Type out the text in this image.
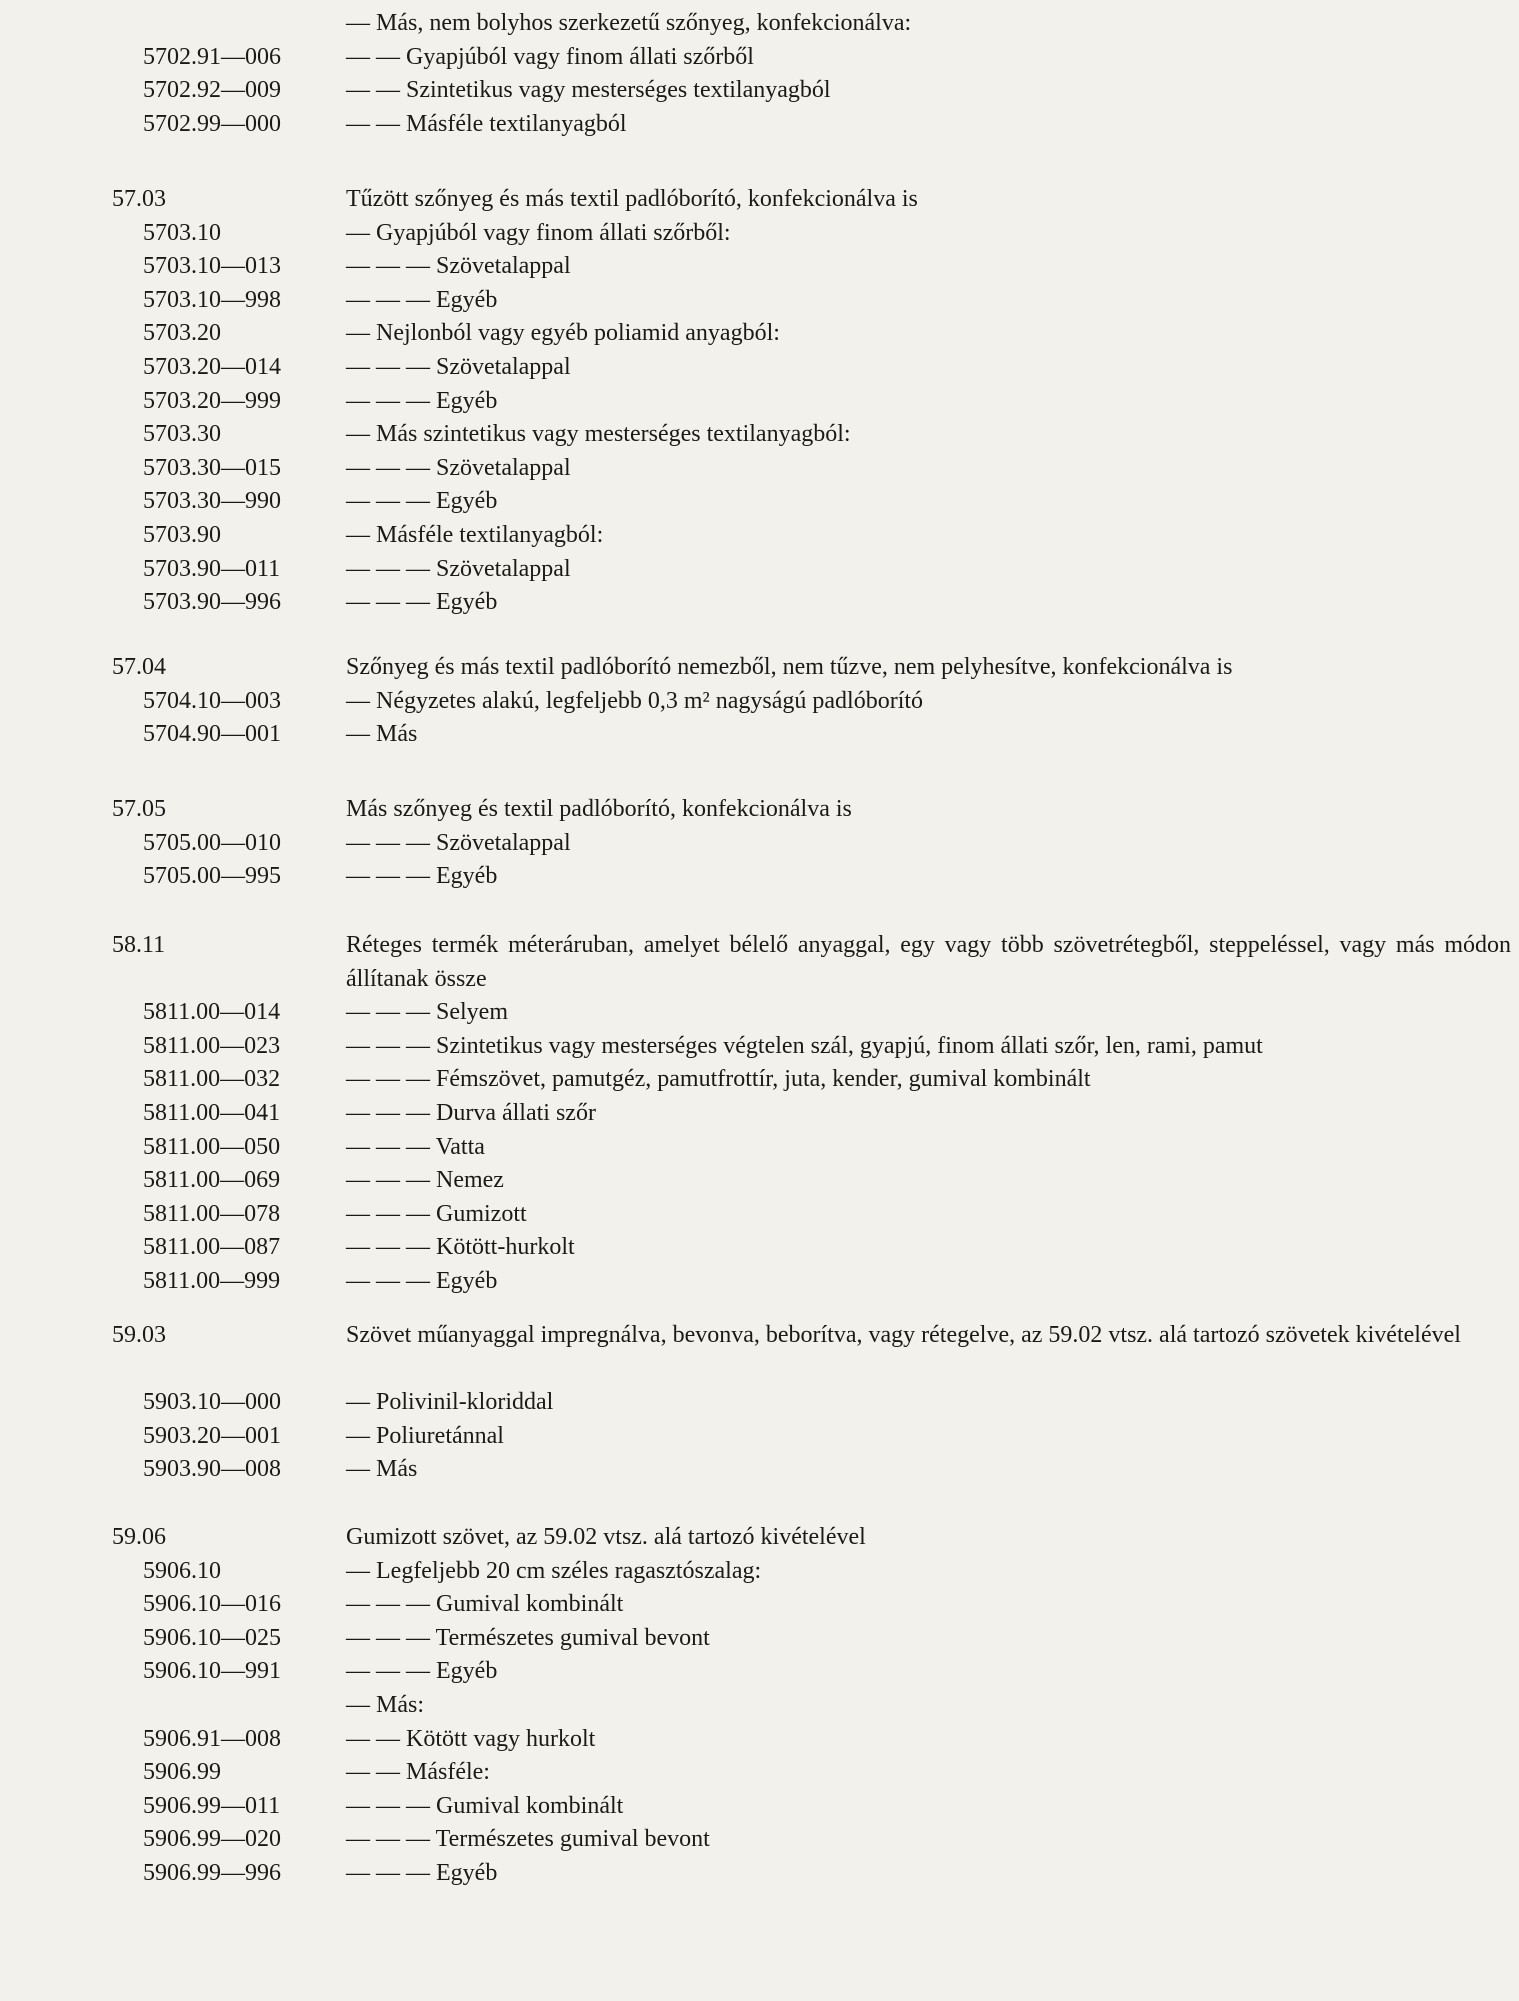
— Más, nem bolyhos szerkezetű szőnyeg, konfekcionálva:
5702.91—006	— — Gyapjúból vagy finom állati szőrből
5702.92—009	— — Szintetikus vagy mesterséges textilanyagból
5702.99—000	— — Másféle textilanyagból
57.03	Tűzött szőnyeg és más textil padlóborító, konfekcionálva is
5703.10	— Gyapjúból vagy finom állati szőrből:
5703.10—013	— — — Szövetalappal
5703.10—998	— — — Egyéb
5703.20	— Nejlonból vagy egyéb poliamid anyagból:
5703.20—014	— — — Szövetalappal
5703.20—999	— — — Egyéb
5703.30	— Más szintetikus vagy mesterséges textilanyagból:
5703.30—015	— — — Szövetalappal
5703.30—990	— — — Egyéb
5703.90	— Másféle textilanyagból:
5703.90—011	— — — Szövetalappal
5703.90—996	— — — Egyéb
57.04	Szőnyeg és más textil padlóborító nemezből, nem tűzve, nem pelyhesítve, konfekcionálva is
5704.10—003	— Négyzetes alakú, legfeljebb 0,3 m² nagyságú padlóborító
5704.90—001	— Más
57.05	Más szőnyeg és textil padlóborító, konfekcionálva is
5705.00—010	— — — Szövetalappal
5705.00—995	— — — Egyéb
58.11	Réteges termék méteráruban, amelyet bélelő anyaggal, egy vagy több szövetrétegből, steppeléssel, vagy más módon állítanak össze
5811.00—014	— — — Selyem
5811.00—023	— — — Szintetikus vagy mesterséges végtelen szál, gyapjú, finom állati szőr, len, rami, pamut
5811.00—032	— — — Fémszövet, pamutgéz, pamutfrottír, juta, kender, gumival kombinált
5811.00—041	— — — Durva állati szőr
5811.00—050	— — — Vatta
5811.00—069	— — — Nemez
5811.00—078	— — — Gumizott
5811.00—087	— — — Kötött-hurkolt
5811.00—999	— — — Egyéb
59.03	Szövet műanyaggal impregnálva, bevonva, beborítva, vagy rétegelve, az 59.02 vtsz. alá tartozó szövetek kivételével
5903.10—000	— Polivinil-kloriddal
5903.20—001	— Poliuretánnal
5903.90—008	— Más
59.06	Gumizott szövet, az 59.02 vtsz. alá tartozó kivételével
5906.10	— Legfeljebb 20 cm széles ragasztószalag:
5906.10—016	— — — Gumival kombinált
5906.10—025	— — — Természetes gumival bevont
5906.10—991	— — — Egyéb
— Más:
5906.91—008	— — Kötött vagy hurkolt
5906.99	— — Másféle:
5906.99—011	— — — Gumival kombinált
5906.99—020	— — — Természetes gumival bevont
5906.99—996	— — — Egyéb
